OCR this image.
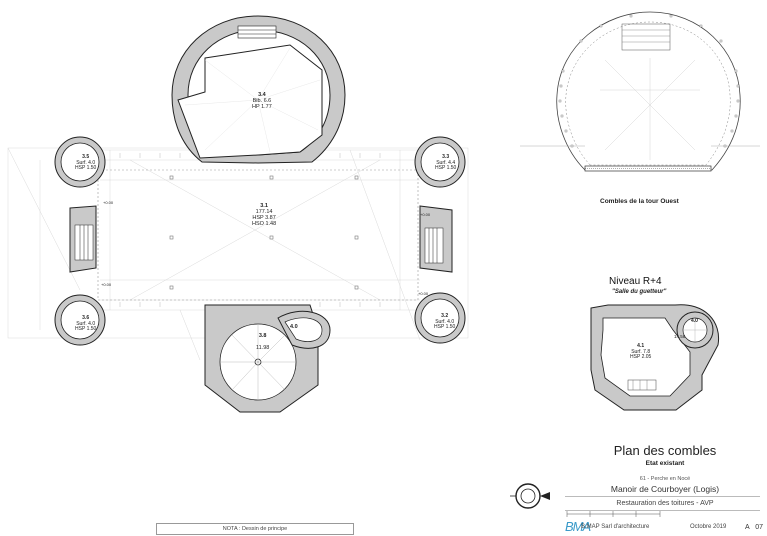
3.4
Bib. 6.6
HP 1.77
3.5
Surf. 4.0
HSP 1.50
3.3
Surf. 4.4
HSP 1.50
3.1
177.14
HSP 3.87
HSO 1.48
3.6
Surf. 4.0
HSP 1.50
3.8
11.98
4.0
3.2
Surf. 4.0
HSP 1.50
4.1
Surf. 7.8
HSP 2.05
4.0
14.58
+0.00
+0.00
+0.00
+0.00
Combles de la tour Ouest
Niveau R+4
"Salle du guetteur"
Plan des combles
Etat existant
61 - Perche en Nocé
Manoir de Courboyer (Logis)
Restauration des toitures - AVP
BMA
B.MAP Sarl d'architecture	Octobre 2019	A 07
NOTA : Dessin de principe
